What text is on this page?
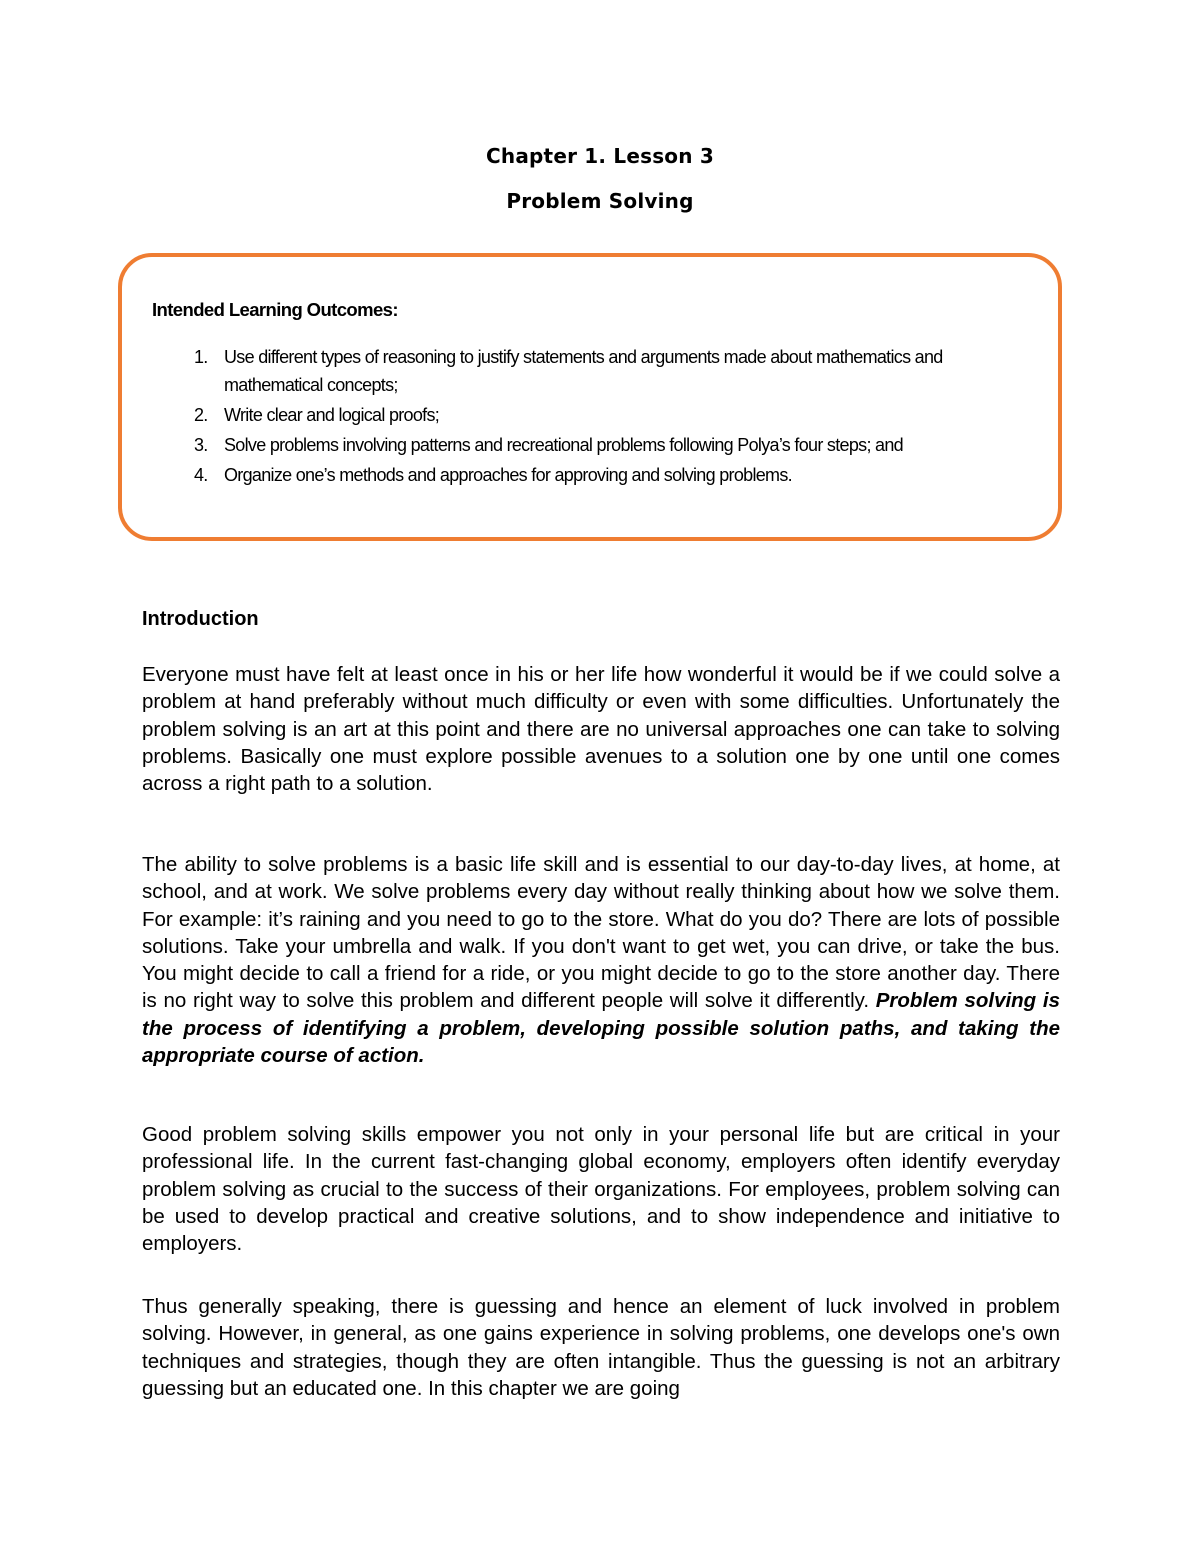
Chapter 1. Lesson 3
Problem Solving
Intended Learning Outcomes:
1. Use different types of reasoning to justify statements and arguments made about mathematics and mathematical concepts;
2. Write clear and logical proofs;
3. Solve problems involving patterns and recreational problems following Polya’s four steps; and
4. Organize one’s methods and approaches for approving and solving problems.
Introduction

Everyone must have felt at least once in his or her life how wonderful it would be if we could solve a problem at hand preferably without much difficulty or even with some difficulties. Unfortunately the problem solving is an art at this point and there are no universal approaches one can take to solving problems. Basically one must explore possible avenues to a solution one by one until one comes across a right path to a solution.

The ability to solve problems is a basic life skill and is essential to our day-to-day lives, at home, at school, and at work. We solve problems every day without really thinking about how we solve them. For example: it’s raining and you need to go to the store. What do you do? There are lots of possible solutions. Take your umbrella and walk. If you don't want to get wet, you can drive, or take the bus. You might decide to call a friend for a ride, or you might decide to go to the store another day. There is no right way to solve this problem and different people will solve it differently. Problem solving is the process of identifying a problem, developing possible solution paths, and taking the appropriate course of action.

Good problem solving skills empower you not only in your personal life but are critical in your professional life. In the current fast-changing global economy, employers often identify everyday problem solving as crucial to the success of their organizations. For employees, problem solving can be used to develop practical and creative solutions, and to show independence and initiative to employers.

Thus generally speaking, there is guessing and hence an element of luck involved in problem solving. However, in general, as one gains experience in solving problems, one develops one's own techniques and strategies, though they are often intangible. Thus the guessing is not an arbitrary guessing but an educated one. In this chapter we are going
